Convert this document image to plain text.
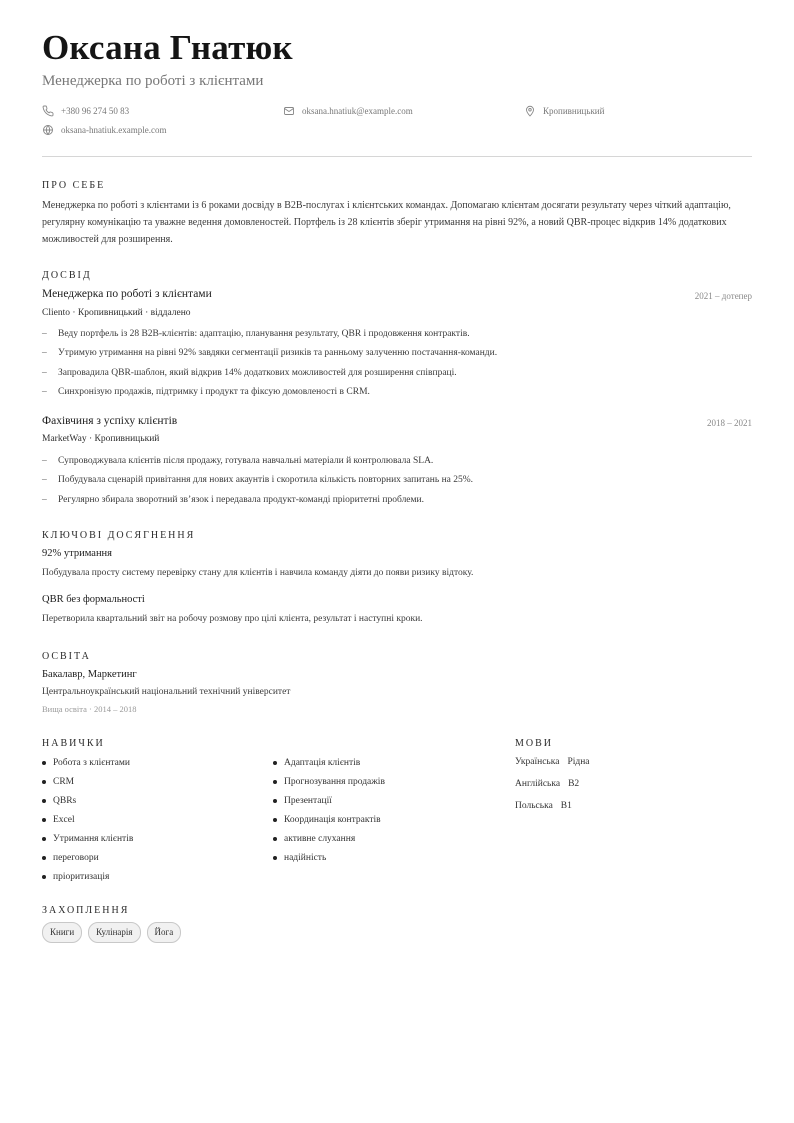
Оксана Гнатюк
Менеджерка по роботі з клієнтами
+380 96 274 50 83	oksana.hnatiuk@example.com	Кропивницький
oksana-hnatiuk.example.com
ПРО СЕБЕ
Менеджерка по роботі з клієнтами із 6 роками досвіду в B2B-послугах і клієнтських командах. Допомагаю клієнтам досягати результату через чіткий адаптацію, регулярну комунікацію та уважне ведення домовленостей. Портфель із 28 клієнтів зберіг утримання на рівні 92%, а новий QBR-процес відкрив 14% додаткових можливостей для розширення.
ДОСВІД
Менеджерка по роботі з клієнтами	2021 – дотепер
Cliento · Кропивницький · віддалено
– Веду портфель із 28 B2B-клієнтів: адаптацію, планування результату, QBR і продовження контрактів.
– Утримую утримання на рівні 92% завдяки сегментації ризиків та ранньому залученню постачання-команди.
– Запровадила QBR-шаблон, який відкрив 14% додаткових можливостей для розширення співпраці.
– Синхронізую продажів, підтримку і продукт та фіксую домовленості в CRM.
Фахівчиня з успіху клієнтів	2018 – 2021
MarketWay · Кропивницький
– Супроводжувала клієнтів після продажу, готувала навчальні матеріали й контролювала SLA.
– Побудувала сценарій привітання для нових акаунтів і скоротила кількість повторних запитань на 25%.
– Регулярно збирала зворотний зв’язок і передавала продукт-команді пріоритетні проблеми.
КЛЮЧОВІ ДОСЯГНЕННЯ
92% утримання
Побудувала просту систему перевірку стану для клієнтів і навчила команду діяти до появи ризику відтоку.
QBR без формальності
Перетворила квартальний звіт на робочу розмову про цілі клієнта, результат і наступні кроки.
ОСВІТА
Бакалавр, Маркетинг
Центральноукраїнський національний технічний університет
Вища освіта · 2014 – 2018
НАВИЧКИ
Робота з клієнтами
CRM
QBRs
Excel
Утримання клієнтів
переговори
пріоритизація
Адаптація клієнтів
Прогнозування продажів
Презентації
Координація контрактів
активне слухання
надійність
МОВИ
Українська Рідна
Англійська B2
Польська B1
ЗАХОПЛЕННЯ
Книги	Кулінарія	Йога
